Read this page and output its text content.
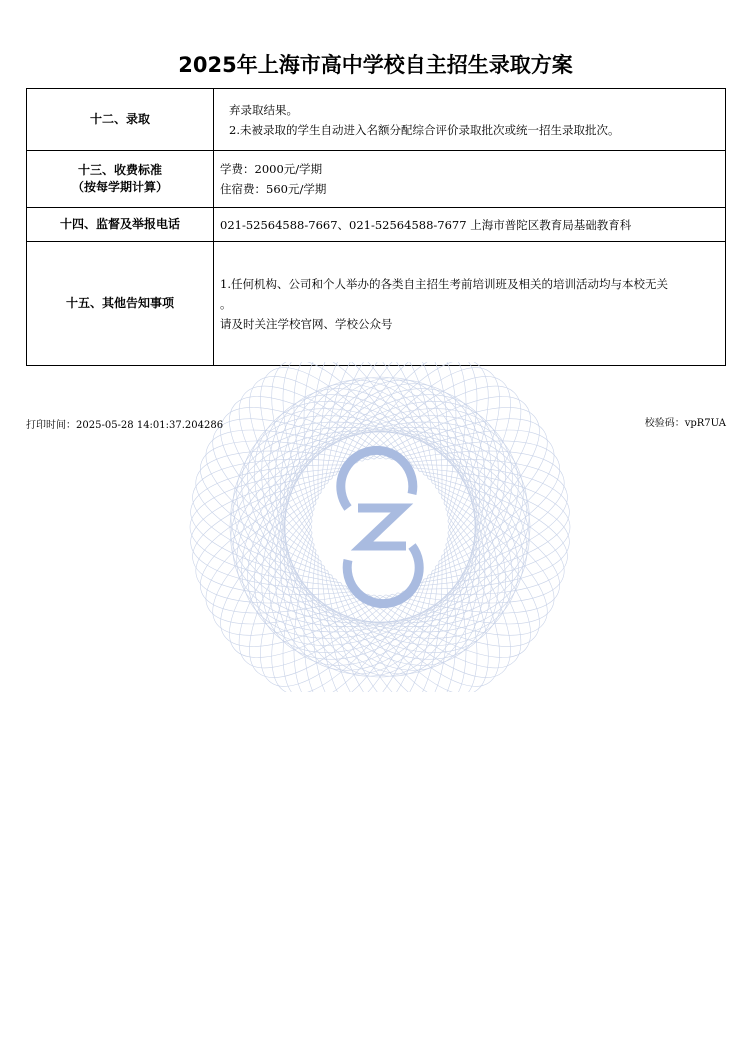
2025年上海市高中学校自主招生录取方案
十二、录取	弃录取结果。
2.未被录取的学生自动进入名额分配综合评价录取批次或统一招生录取批次。

十三、收费标准
（按每学期计算）	学费：2000元/学期
住宿费：560元/学期

十四、监督及举报电话	021-52564588-7667、021-52564588-7677 上海市普陀区教育局基础教育科

十五、其他告知事项	1.任何机构、公司和个人举办的各类自主招生考前培训班及相关的培训活动均与本校无关
。
请及时关注学校官网、学校公众号
打印时间：2025-05-28 14:01:37.204286	校验码：vpR7UA
